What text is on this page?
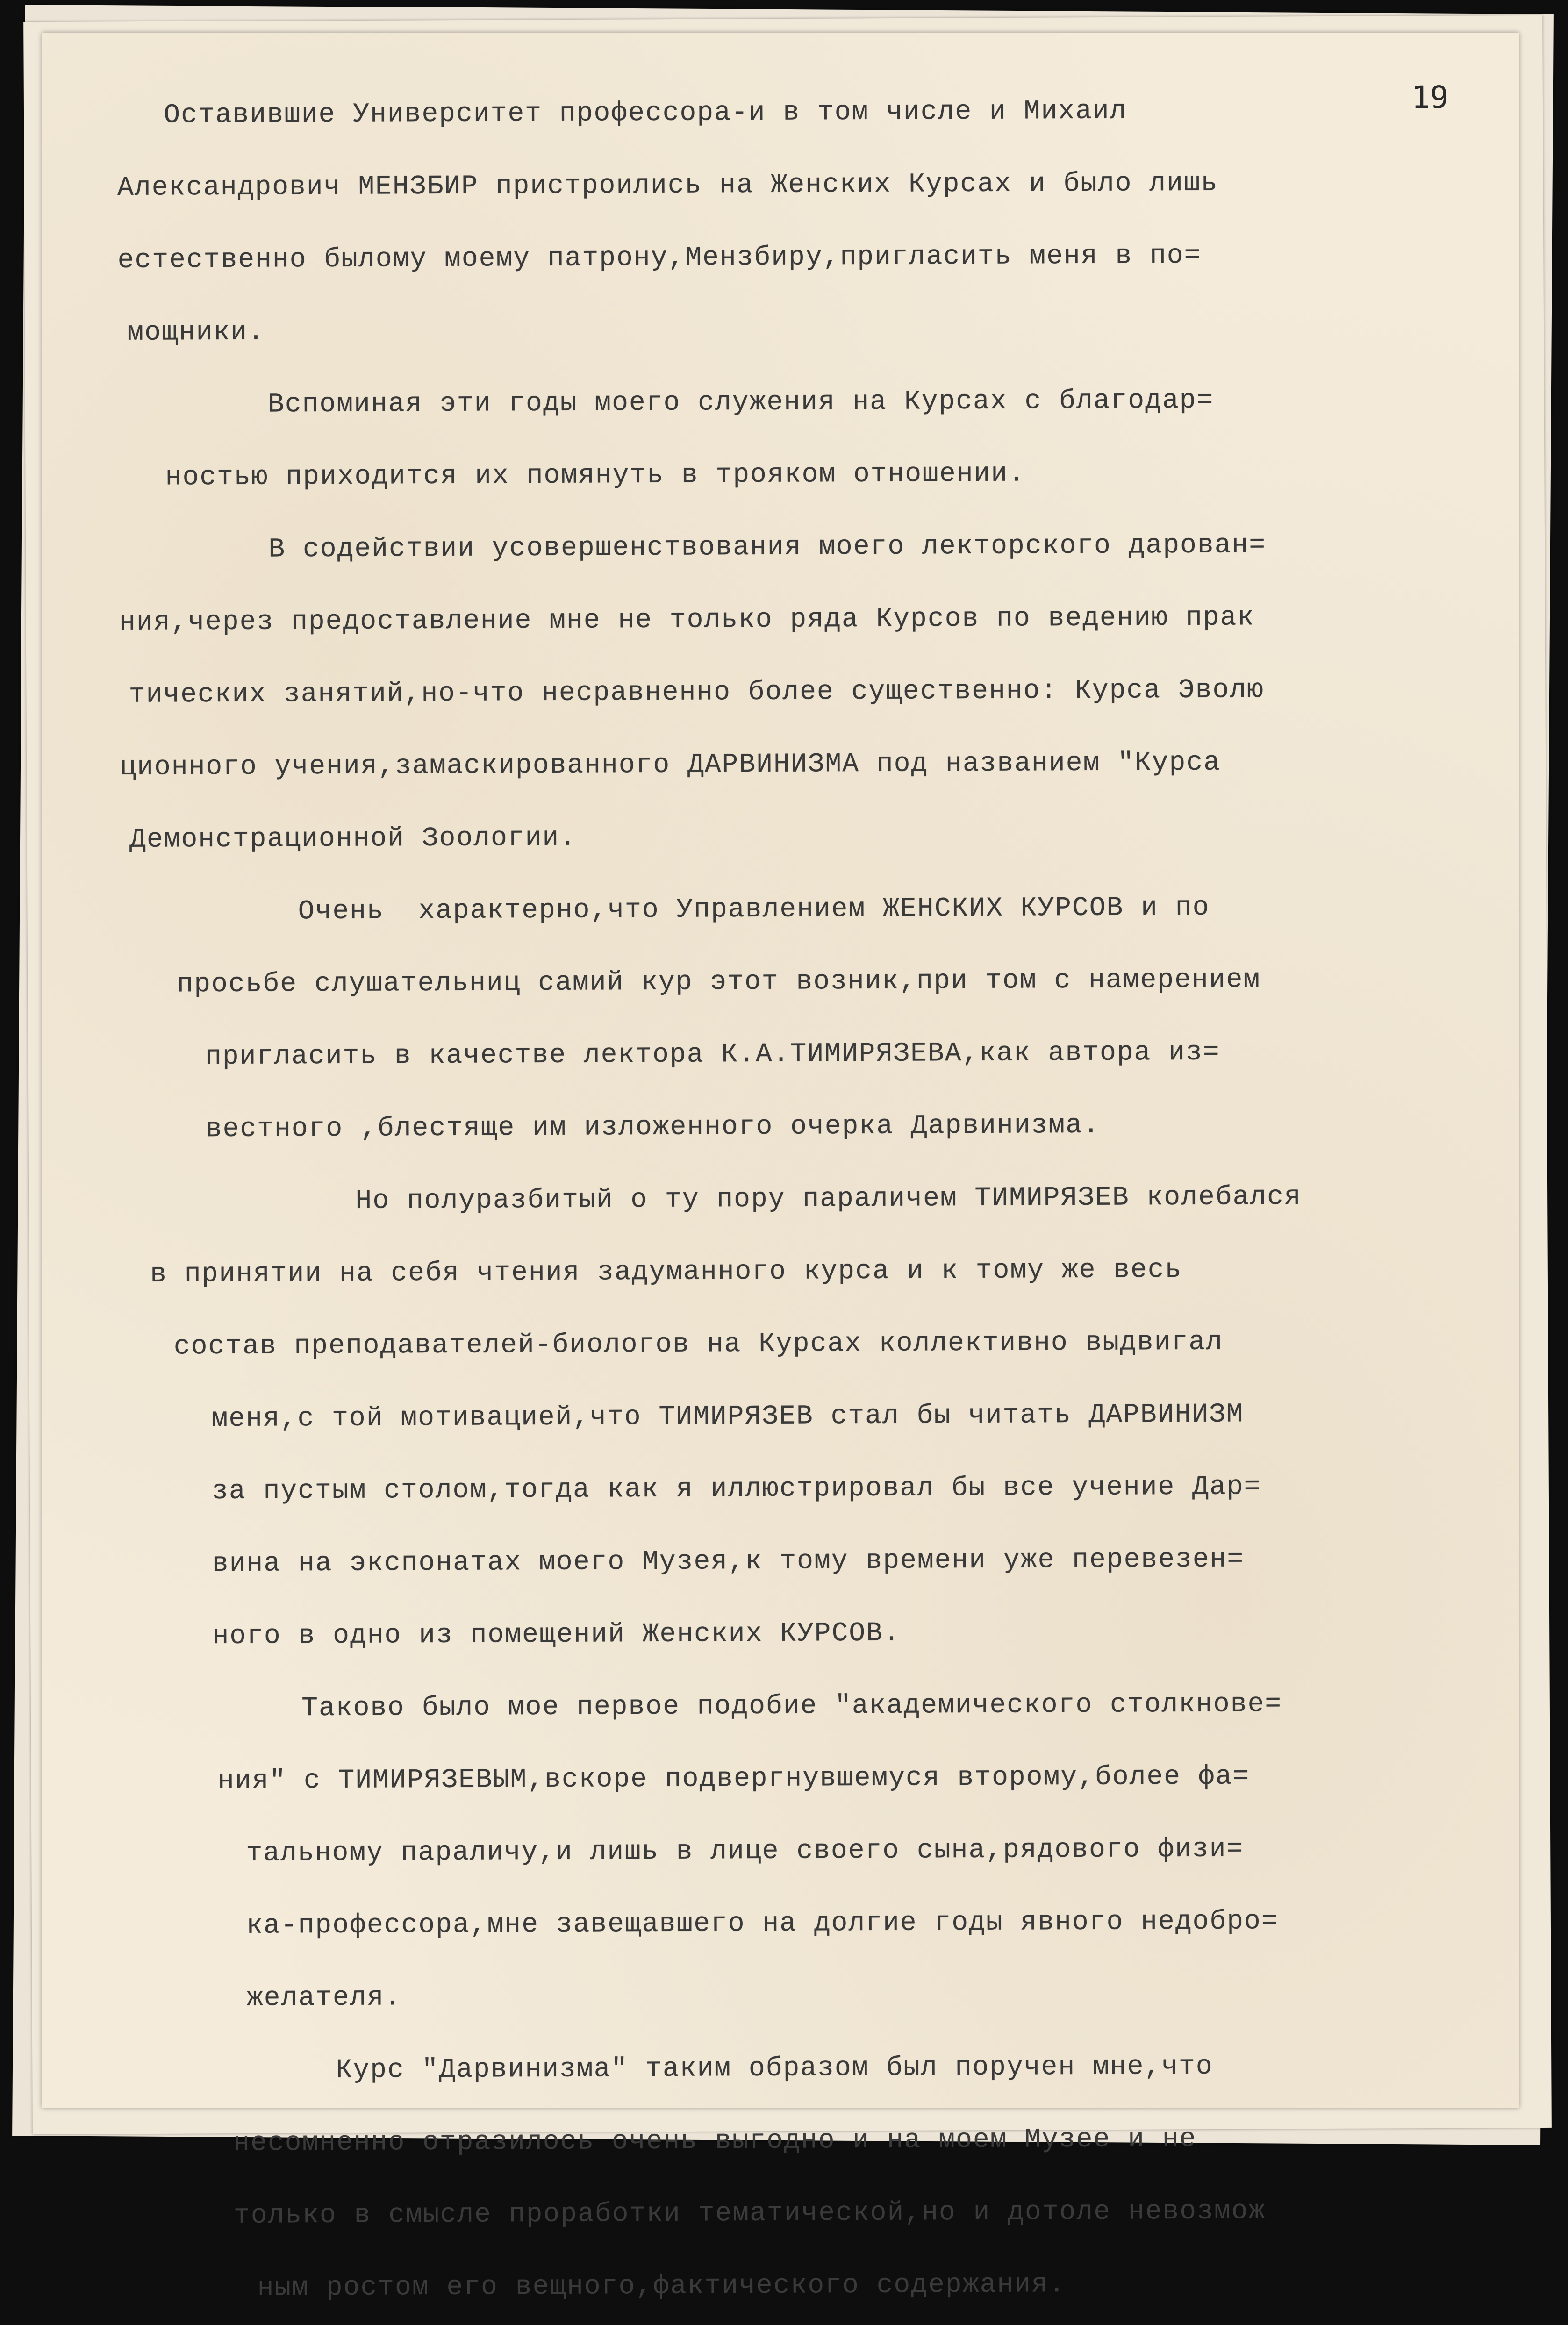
19
Оставившие Университет профессора-и в том числе и Михаил
Александрович МЕНЗБИР пристроились на Женских Курсах и было лишь
естественно былому моему патрону,Мензбиру,пригласить меня в по=
мощники.
Вспоминая эти годы моего служения на Курсах с благодар=
ностью приходится их помянуть в трояком отношении.
В содействии усовершенствования моего лекторского дарован=
ния,через предоставление мне не только ряда Курсов по ведению прак
тических занятий,но-что несравненно более существенно: Курса Эволю
ционного учения,замаскированного ДАРВИНИЗМА под названием "Курса
Демонстрационной Зоологии.
Очень  характерно,что Управлением ЖЕНСКИХ КУРСОВ и по
просьбе слушательниц самий кур этот возник,при том с намерением
пригласить в качестве лектора К.А.ТИМИРЯЗЕВА,как автора из=
вестного ,блестяще им изложенного очерка Дарвинизма.
Но полуразбитый о ту пору параличем ТИМИРЯЗЕВ колебался
в принятии на себя чтения задуманного курса и к тому же весь
состав преподавателей-биологов на Курсах коллективно выдвигал
меня,с той мотивацией,что ТИМИРЯЗЕВ стал бы читать ДАРВИНИЗМ
за пустым столом,тогда как я иллюстрировал бы все учение Дар=
вина на экспонатах моего Музея,к тому времени уже перевезен=
ного в одно из помещений Женских КУРСОВ.
Таково было мое первое подобие "академического столкнове=
ния" с ТИМИРЯЗЕВЫМ,вскоре подвергнувшемуся второму,более фа=
тальному параличу,и лишь в лице своего сына,рядового физи=
ка-профессора,мне завещавшего на долгие годы явного недобро=
желателя.
Курс "Дарвинизма" таким образом был поручен мне,что
несомненно отразилось очень выгодно и на моем Музее и не
только в смысле проработки тематической,но и дотоле невозмож
ным ростом его вещного,фактического содержания.
